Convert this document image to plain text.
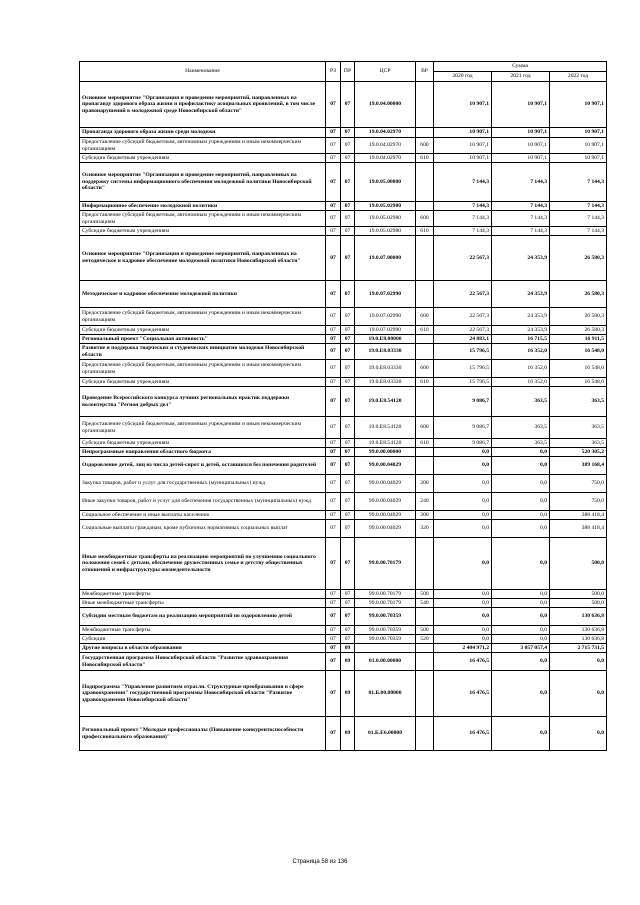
Наименование	РЗ	ПР	ЦСР	ВР	Сумма		
					2020 год	2021 год	2022 год
Основное мероприятие "Организация и проведение мероприятий, направленных на пропаганду здорового образа жизни и профилактику асоциальных проявлений, в том числе правонарушений в молодежной среде Новосибирской области"	07	07	19.0.04.00000		10 907,1	10 907,1	10 907,1
Пропаганда здорового образа жизни среди молодежи	07	07	19.0.04.02970		10 907,1	10 907,1	10 907,1
Предоставление субсидий бюджетным, автономным учреждениям и иным некоммерческим организациям	07	07	19.0.04.02970	600	10 907,1	10 907,1	10 907,1
Субсидии бюджетным учреждениям	07	07	19.0.04.02970	610	10 907,1	10 907,1	10 907,1
Основное мероприятие "Организация и проведение мероприятий, направленных на поддержку системы информационного обеспечения молодежной политики Новосибирской области"	07	07	19.0.05.00000		7 144,3	7 144,3	7 144,3
Информационное обеспечение молодежной политики	07	07	19.0.05.02980		7 144,3	7 144,3	7 144,3
Предоставление субсидий бюджетным, автономным учреждениям и иным некоммерческим организациям	07	07	19.0.05.02980	600	7 144,3	7 144,3	7 144,3
Субсидии бюджетным учреждениям	07	07	19.0.05.02980	610	7 144,3	7 144,3	7 144,3
Основное мероприятие "Организация и проведение мероприятий, направленных на методическое и кадровое обеспечение молодежной политики Новосибирской области"	07	07	19.0.07.00000		22 567,3	24 353,9	26 580,3
Методическое и кадровое обеспечение молодежной политики	07	07	19.0.07.02990		22 567,3	24 353,9	26 580,3
Предоставление субсидий бюджетным, автономным учреждениям и иным некоммерческим организациям	07	07	19.0.07.02990	600	22 567,3	24 353,9	26 580,3
Субсидии бюджетным учреждениям	07	07	19.0.07.02990	610	22 567,3	24 353,9	26 580,3
Региональный проект "Социальная активность"	07	07	19.0.E8.00000		24 883,1	16 715,5	16 911,5
Развитие и поддержка творческих и студенческих инициатив молодежи Новосибирской области	07	07	19.0.E8.03330		15 796,5	16 352,0	16 548,0
Предоставление субсидий бюджетным, автономным учреждениям и иным некоммерческим организациям	07	07	19.0.E8.03330	600	15 796,5	16 352,0	16 548,0
Субсидии бюджетным учреждениям	07	07	19.0.E8.03330	610	15 796,5	16 352,0	16 548,0
Проведение Всероссийского конкурса лучших региональных практик поддержки волонтерства "Регион добрых дел"	07	07	19.0.E8.54120		9 086,7	363,5	363,5
Предоставление субсидий бюджетным, автономным учреждениям и иным некоммерческим организациям	07	07	19.0.E8.54120	600	9 086,7	363,5	363,5
Субсидии бюджетным учреждениям	07	07	19.0.E8.54120	610	9 086,7	363,5	363,5
Непрограммные направления областного бюджета	07	07	99.0.00.00000		0,0	0,0	520 305,2
Оздоровление детей, лиц из числа детей-сирот и детей, оставшихся без попечения родителей	07	07	99.0.00.04029		0,0	0,0	389 168,4
Закупка товаров, работ и услуг для государственных (муниципальных) нужд	07	07	99.0.00.04029	200	0,0	0,0	750,0
Иные закупки товаров, работ и услуг для обеспечения государственных (муниципальных) нужд	07	07	99.0.00.04029	240	0,0	0,0	750,0
Социальное обеспечение и иные выплаты населению	07	07	99.0.00.04029	300	0,0	0,0	388 418,4
Социальные выплаты гражданам, кроме публичных нормативных социальных выплат	07	07	99.0.00.04029	320	0,0	0,0	388 418,4
Иные межбюджетные трансферты на реализацию мероприятий по улучшению социального положения семей с детьми, обеспечение дружественных семье и детству общественных отношений и инфраструктуры жизнедеятельности	07	07	99.0.00.70179		0,0	0,0	500,0
Межбюджетные трансферты	07	07	99.0.00.70179	500	0,0	0,0	500,0
Иные межбюджетные трансферты	07	07	99.0.00.70179	540	0,0	0,0	500,0
Субсидии местным бюджетам на реализацию мероприятий по оздоровлению детей	07	07	99.0.00.70359		0,0	0,0	130 636,8
Межбюджетные трансферты	07	07	99.0.00.70359	500	0,0	0,0	130 636,8
Субсидии	07	07	99.0.00.70359	520	0,0	0,0	130 636,8
Другие вопросы в области образования	07	09			2 404 971,2	3 057 057,4	2 715 731,5
Государственная программа Новосибирской области "Развитие здравоохранения Новосибирской области"	07	09	01.0.00.00000		16 476,5	0,0	0,0
Подпрограмма "Управление развитием отрасли. Структурные преобразования в сфере здравоохранения" государственной программы Новосибирской области "Развитие здравоохранения Новосибирской области"	07	09	01.Б.00.00000		16 476,5	0,0	0,0
Региональный проект "Молодые профессионалы (Повышение конкурентоспособности профессионального образования)"	07	09	01.Б.E6.00000		16 476,5	0,0	0,0
Страница 58 из 136
